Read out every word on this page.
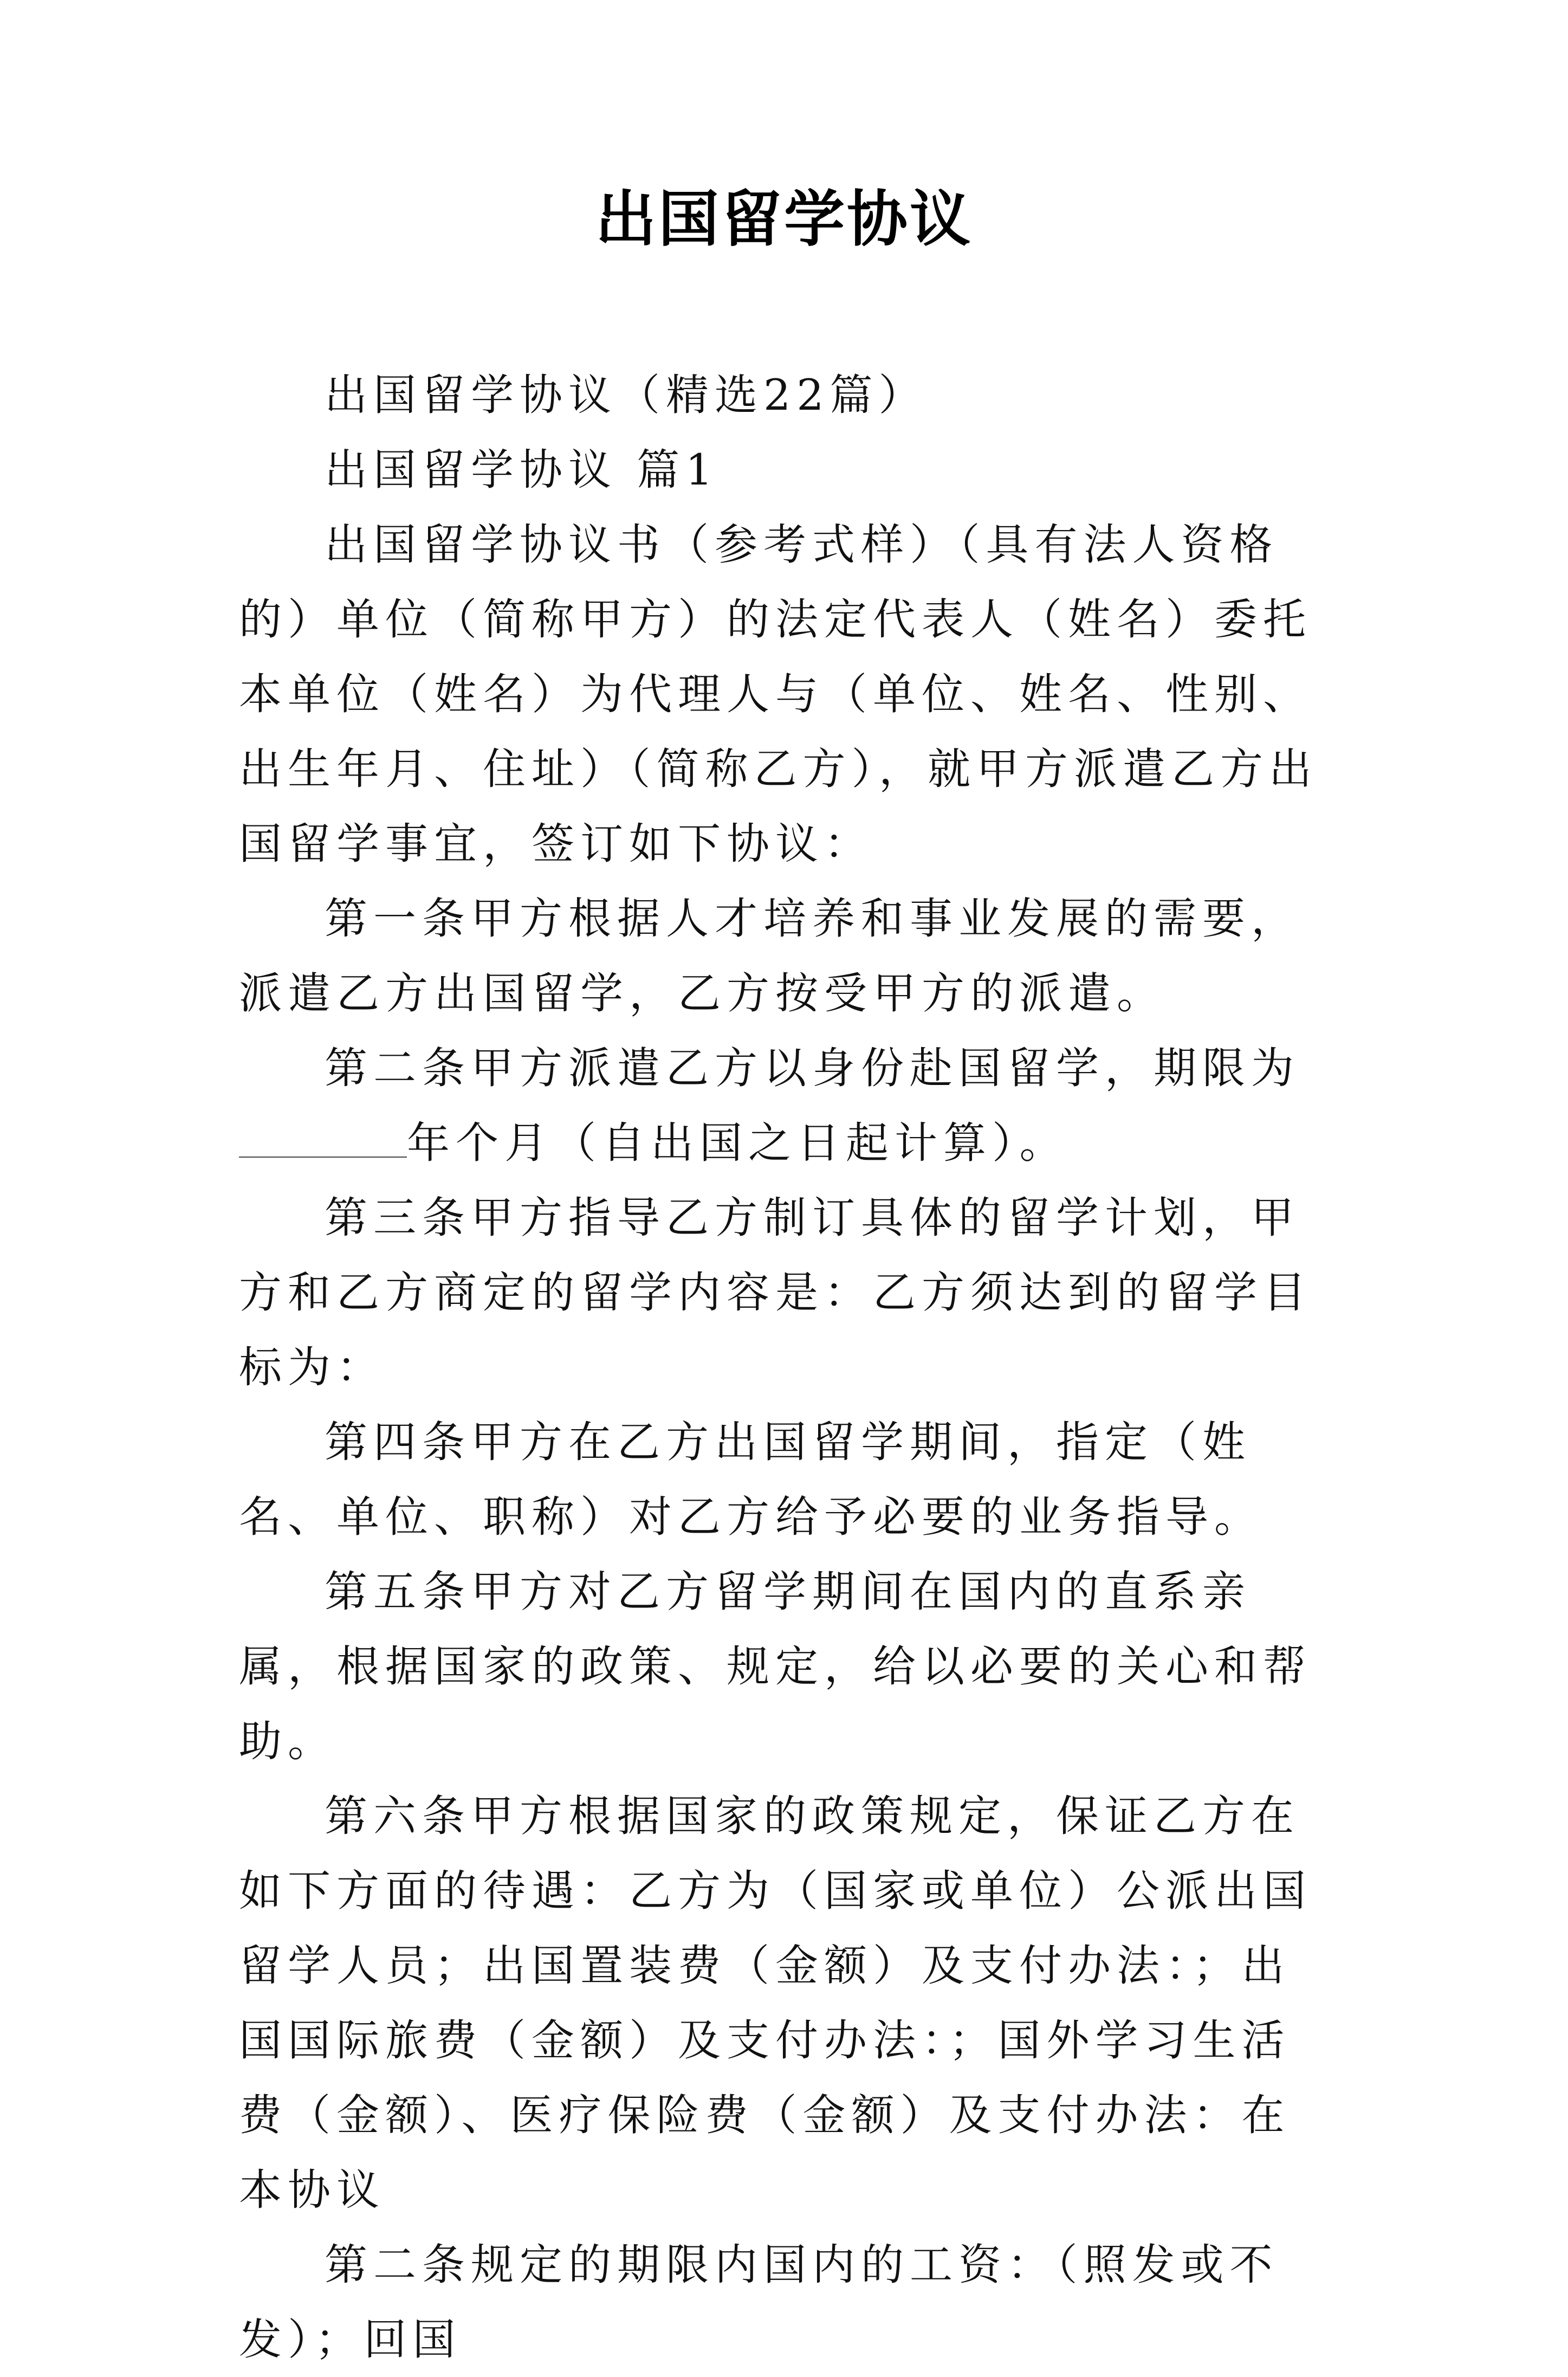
出国留学协议

出国留学协议（精选22篇）

出国留学协议 篇1

出国留学协议书（参考式样）（具有法人资格的）单位（简称甲方）的法定代表人（姓名）委托本单位（姓名）为代理人与（单位、姓名、性别、出生年月、住址）（简称乙方），就甲方派遣乙方出国留学事宜，签订如下协议：

第一条甲方根据人才培养和事业发展的需要，派遣乙方出国留学，乙方按受甲方的派遣。

第二条甲方派遣乙方以身份赴国留学，期限为年个月（自出国之日起计算）。

第三条甲方指导乙方制订具体的留学计划，甲方和乙方商定的留学内容是：乙方须达到的留学目标为：

第四条甲方在乙方出国留学期间，指定（姓名、单位、职称）对乙方给予必要的业务指导。

第五条甲方对乙方留学期间在国内的直系亲属，根据国家的政策、规定，给以必要的关心和帮助。

第六条甲方根据国家的政策规定，保证乙方在如下方面的待遇：乙方为（国家或单位）公派出国留学人员；出国置装费（金额）及支付办法：；出国国际旅费（金额）及支付办法：；国外学习生活费（金额）、医疗保险费（金额）及支付办法：在本协议

第二条规定的期限内国内的工资：（照发或不发）；回国
